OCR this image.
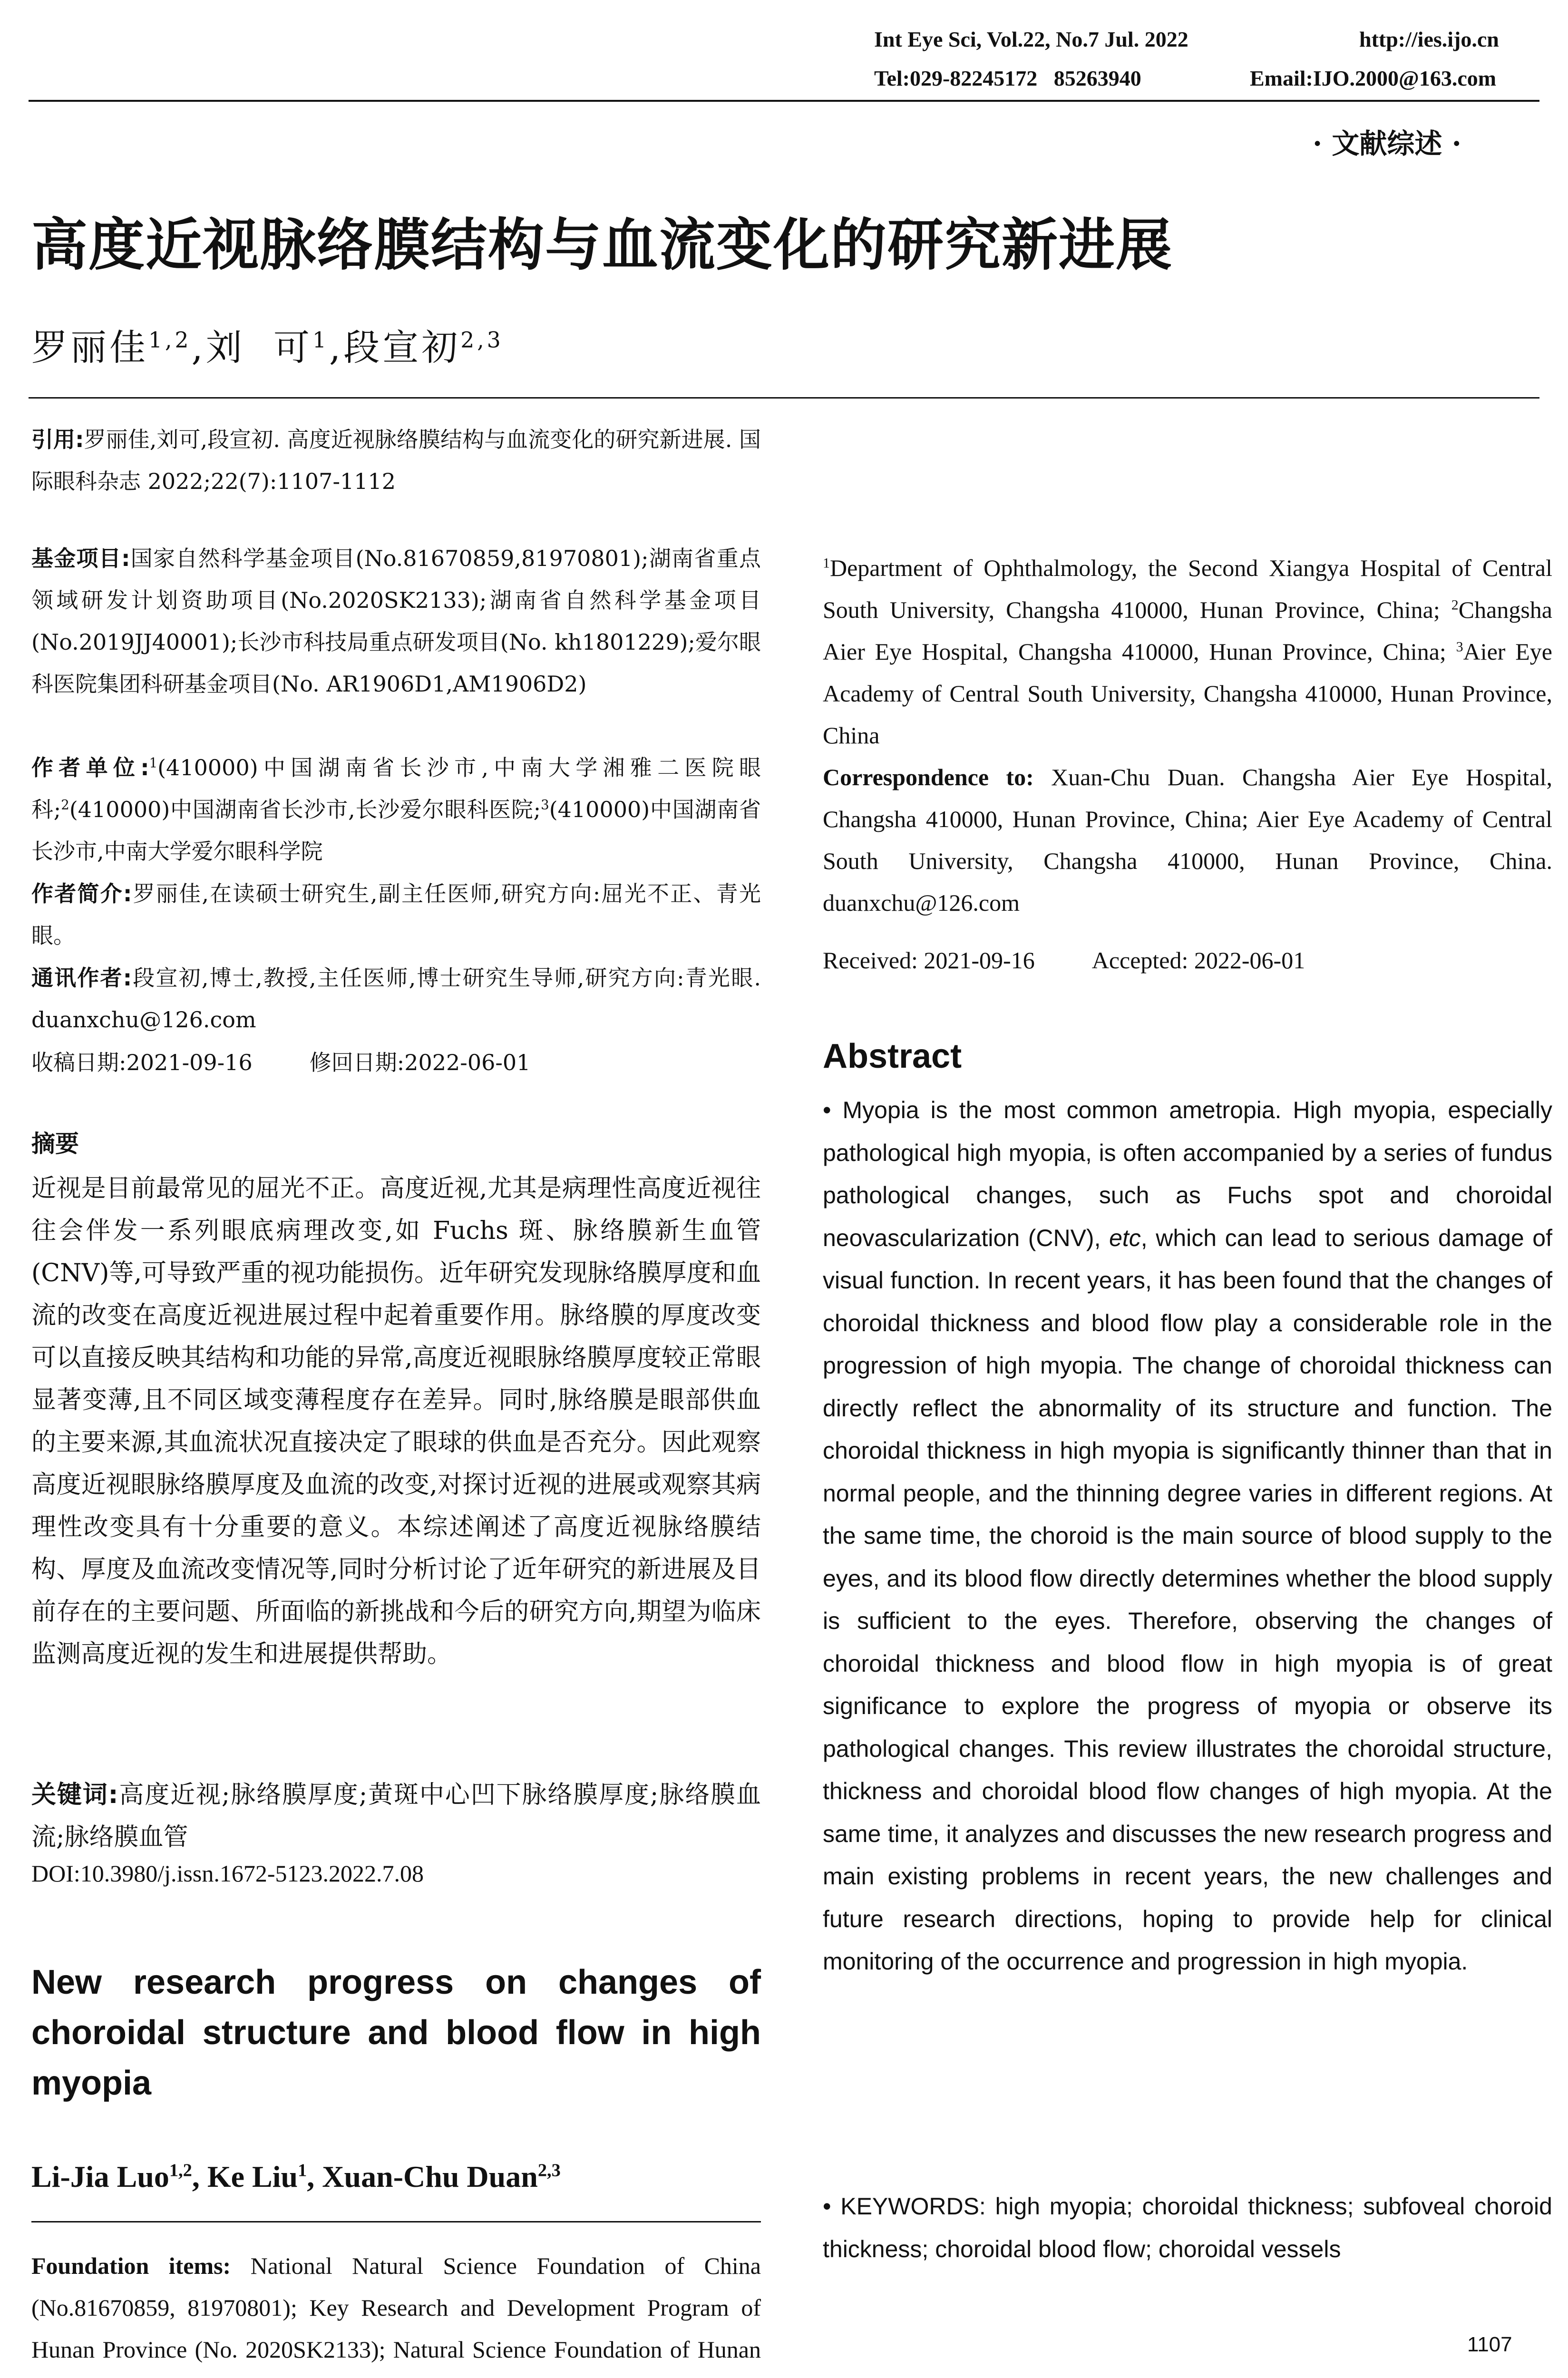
Int Eye Sci, Vol.22, No.7 Jul. 2022	http://ies.ijo.cn
Tel:029-82245172   85263940	Email:IJO.2000@163.com
· 文献综述 ·
高度近视脉络膜结构与血流变化的研究新进展
罗丽佳$^{1,2}$,刘  可$^1$,段宣初$^{2,3}$
引用:罗丽佳,刘可,段宣初. 高度近视脉络膜结构与血流变化的研究新进展. 国际眼科杂志 2022;22(7):1107-1112
基金项目:国家自然科学基金项目(No.81670859,81970801);湖南省重点领域研发计划资助项目(No.2020SK2133);湖南省自然科学基金项目(No.2019JJ40001);长沙市科技局重点研发项目(No. kh1801229);爱尔眼科医院集团科研基金项目(No. AR1906D1,AM1906D2)
作者单位:$^1$(410000)中国湖南省长沙市,中南大学湘雅二医院眼科;$^2$(410000)中国湖南省长沙市,长沙爱尔眼科医院;$^3$(410000)中国湖南省长沙市,中南大学爱尔眼科学院
作者简介:罗丽佳,在读硕士研究生,副主任医师,研究方向:屈光不正、青光眼。
通讯作者:段宣初,博士,教授,主任医师,博士研究生导师,研究方向:青光眼. duanxchu@126.com
收稿日期:2021-09-16	修回日期:2022-06-01
摘要
近视是目前最常见的屈光不正。高度近视,尤其是病理性高度近视往往会伴发一系列眼底病理改变,如 Fuchs 斑、脉络膜新生血管(CNV)等,可导致严重的视功能损伤。近年研究发现脉络膜厚度和血流的改变在高度近视进展过程中起着重要作用。脉络膜的厚度改变可以直接反映其结构和功能的异常,高度近视眼脉络膜厚度较正常眼显著变薄,且不同区域变薄程度存在差异。同时,脉络膜是眼部供血的主要来源,其血流状况直接决定了眼球的供血是否充分。因此观察高度近视眼脉络膜厚度及血流的改变,对探讨近视的进展或观察其病理性改变具有十分重要的意义。本综述阐述了高度近视脉络膜结构、厚度及血流改变情况等,同时分析讨论了近年研究的新进展及目前存在的主要问题、所面临的新挑战和今后的研究方向,期望为临床监测高度近视的发生和进展提供帮助。
关键词:高度近视;脉络膜厚度;黄斑中心凹下脉络膜厚度;脉络膜血流;脉络膜血管
DOI:10.3980/j.issn.1672-5123.2022.7.08
New research progress on changes of choroidal structure and blood flow in high myopia
Li-Jia Luo$^{1,2}$, Ke Liu$^1$, Xuan-Chu Duan$^{2,3}$
Foundation items: National Natural Science Foundation of China (No.81670859, 81970801); Key Research and Development Program of Hunan Province (No. 2020SK2133); Natural Science Foundation of Hunan
$^1$Department of Ophthalmology, the Second Xiangya Hospital of Central South University, Changsha 410000, Hunan Province, China; $^2$Changsha Aier Eye Hospital, Changsha 410000, Hunan Province, China; $^3$Aier Eye Academy of Central South University, Changsha 410000, Hunan Province, China
Correspondence to: Xuan-Chu Duan. Changsha Aier Eye Hospital, Changsha 410000, Hunan Province, China; Aier Eye Academy of Central South University, Changsha 410000, Hunan Province, China. duanxchu@126.com
Received: 2021-09-16 Accepted: 2022-06-01
Abstract
• Myopia is the most common ametropia. High myopia, especially pathological high myopia, is often accompanied by a series of fundus pathological changes, such as Fuchs spot and choroidal neovascularization (CNV), etc, which can lead to serious damage of visual function. In recent years, it has been found that the changes of choroidal thickness and blood flow play a considerable role in the progression of high myopia. The change of choroidal thickness can directly reflect the abnormality of its structure and function. The choroidal thickness in high myopia is significantly thinner than that in normal people, and the thinning degree varies in different regions. At the same time, the choroid is the main source of blood supply to the eyes, and its blood flow directly determines whether the blood supply is sufficient to the eyes. Therefore, observing the changes of choroidal thickness and blood flow in high myopia is of great significance to explore the progress of myopia or observe its pathological changes. This review illustrates the choroidal structure, thickness and choroidal blood flow changes of high myopia. At the same time, it analyzes and discusses the new research progress and main existing problems in recent years, the new challenges and future research directions, hoping to provide help for clinical monitoring of the occurrence and progression in high myopia.
• KEYWORDS: high myopia; choroidal thickness; subfoveal choroid thickness; choroidal blood flow; choroidal vessels
1107
